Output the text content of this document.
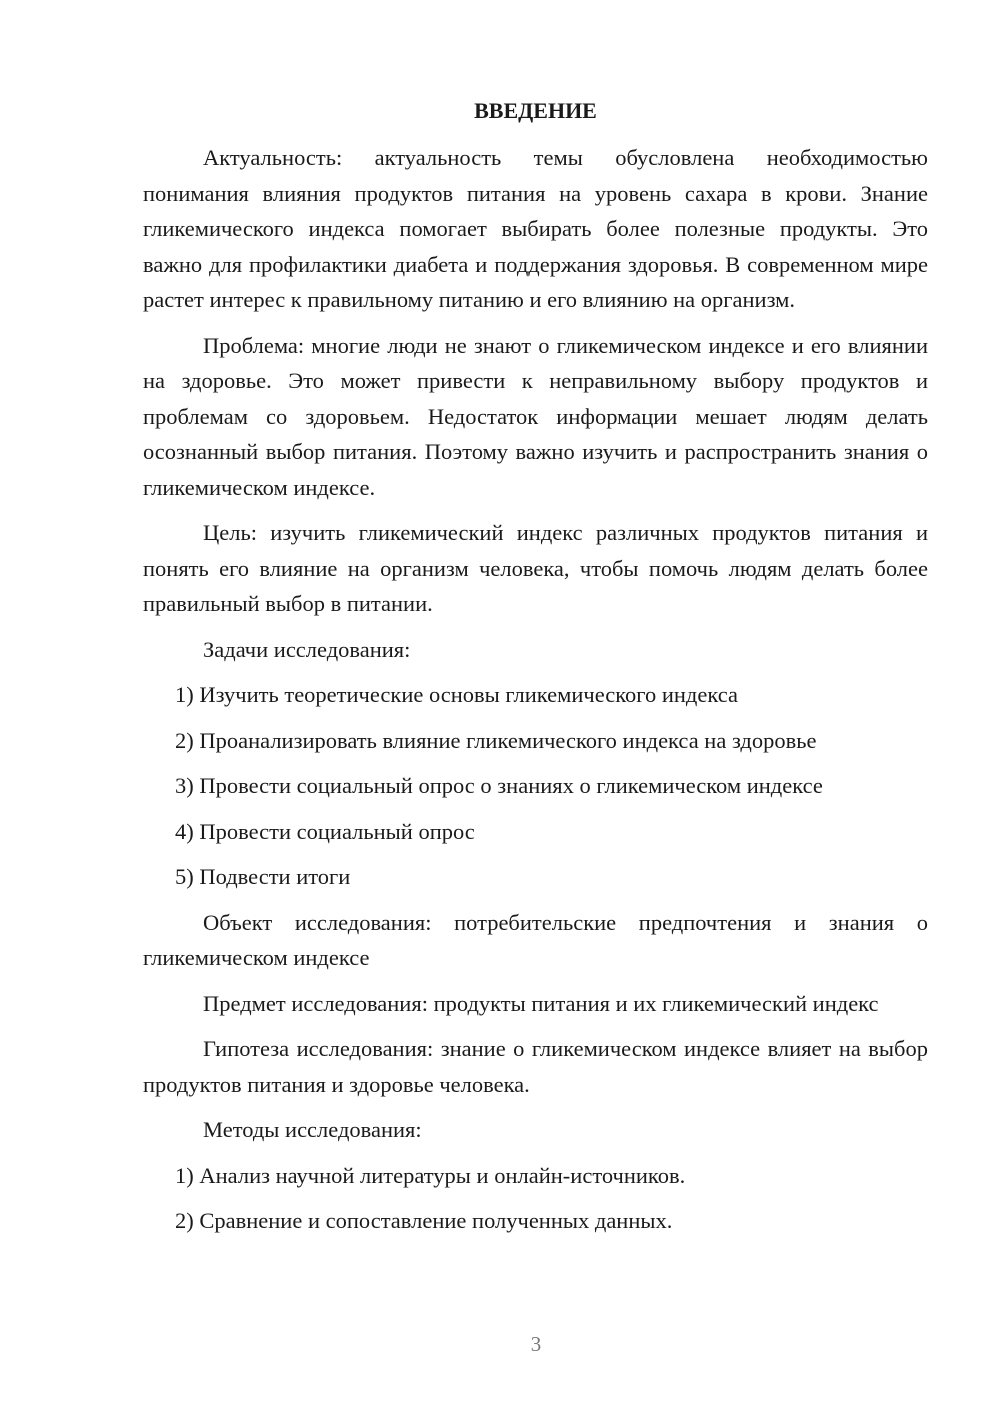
ВВЕДЕНИЕ

Актуальность: актуальность темы обусловлена необходимостью понимания влияния продуктов питания на уровень сахара в крови. Знание гликемического индекса помогает выбирать более полезные продукты. Это важно для профилактики диабета и поддержания здоровья. В современном мире растет интерес к правильному питанию и его влиянию на организм.

Проблема: многие люди не знают о гликемическом индексе и его влиянии на здоровье. Это может привести к неправильному выбору продуктов и проблемам со здоровьем. Недостаток информации мешает людям делать осознанный выбор питания. Поэтому важно изучить и распространить знания о гликемическом индексе.

Цель: изучить гликемический индекс различных продуктов питания и понять его влияние на организм человека, чтобы помочь людям делать более правильный выбор в питании.

Задачи исследования:

1) Изучить теоретические основы гликемического индекса

2) Проанализировать влияние гликемического индекса на здоровье

3) Провести социальный опрос о знаниях о гликемическом индексе

4) Провести социальный опрос

5) Подвести итоги

Объект исследования: потребительские предпочтения и знания о гликемическом индексе

Предмет исследования: продукты питания и их гликемический индекс

Гипотеза исследования: знание о гликемическом индексе влияет на выбор продуктов питания и здоровье человека.

Методы исследования:

1) Анализ научной литературы и онлайн-источников.

2) Сравнение и сопоставление полученных данных.

3
